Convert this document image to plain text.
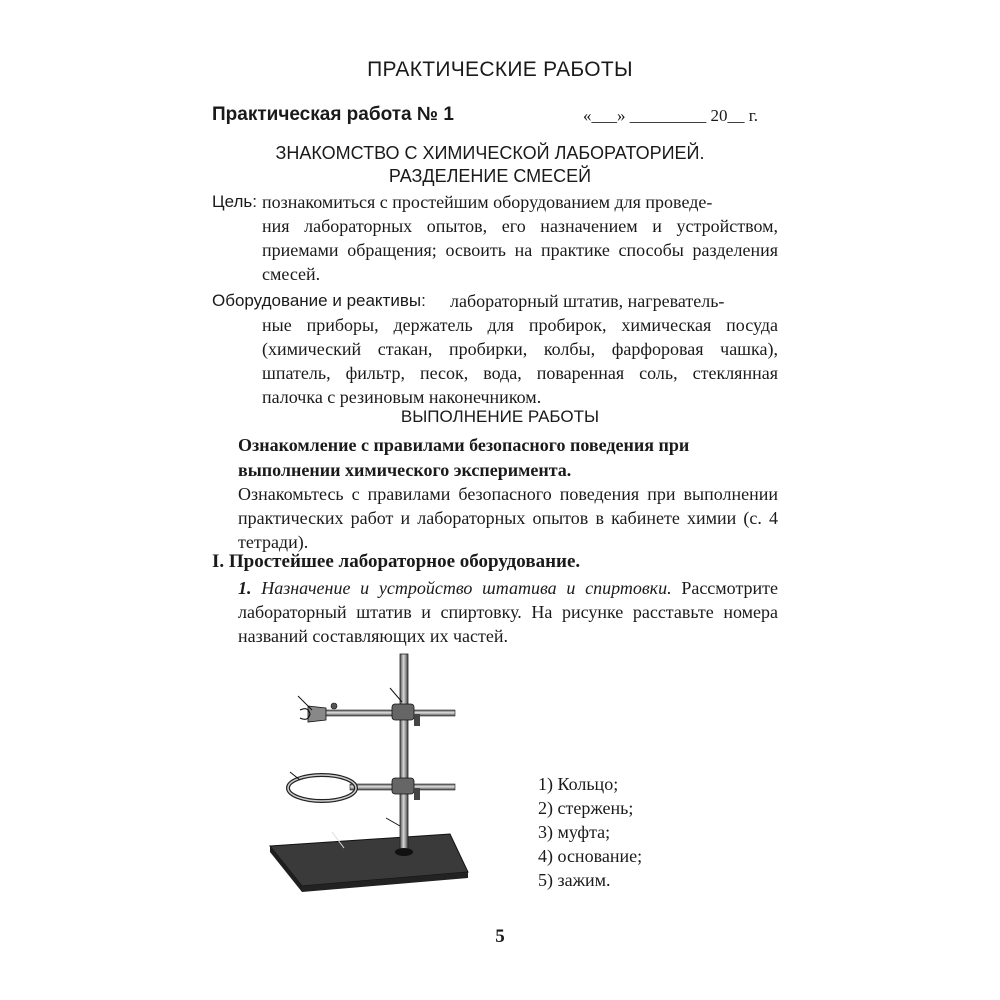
ПРАКТИЧЕСКИЕ РАБОТЫ
Практическая работа № 1	«___» _________ 20__ г.
ЗНАКОМСТВО С ХИМИЧЕСКОЙ ЛАБОРАТОРИЕЙ.
РАЗДЕЛЕНИЕ СМЕСЕЙ
Цель: познакомиться с простейшим оборудованием для проведе-
ния лабораторных опытов, его назначением и устройством, приемами обращения; освоить на практике способы разделения смесей.
Оборудование и реактивы: лабораторный штатив, нагреватель-
ные приборы, держатель для пробирок, химическая посуда (химический стакан, пробирки, колбы, фарфоровая чашка), шпатель, фильтр, песок, вода, поваренная соль, стеклянная палочка с резиновым наконечником.
ВЫПОЛНЕНИЕ РАБОТЫ
Ознакомление с правилами безопасного поведения при выполнении химического эксперимента.
Ознакомьтесь с правилами безопасного поведения при выполнении практических работ и лабораторных опытов в кабинете химии (с. 4 тетради).
I. Простейшее лабораторное оборудование.
1. Назначение и устройство штатива и спиртовки. Рассмотрите лабораторный штатив и спиртовку. На рисунке расставьте номера названий составляющих их частей.
1) Кольцо;
2) стержень;
3) муфта;
4) основание;
5) зажим.
5
